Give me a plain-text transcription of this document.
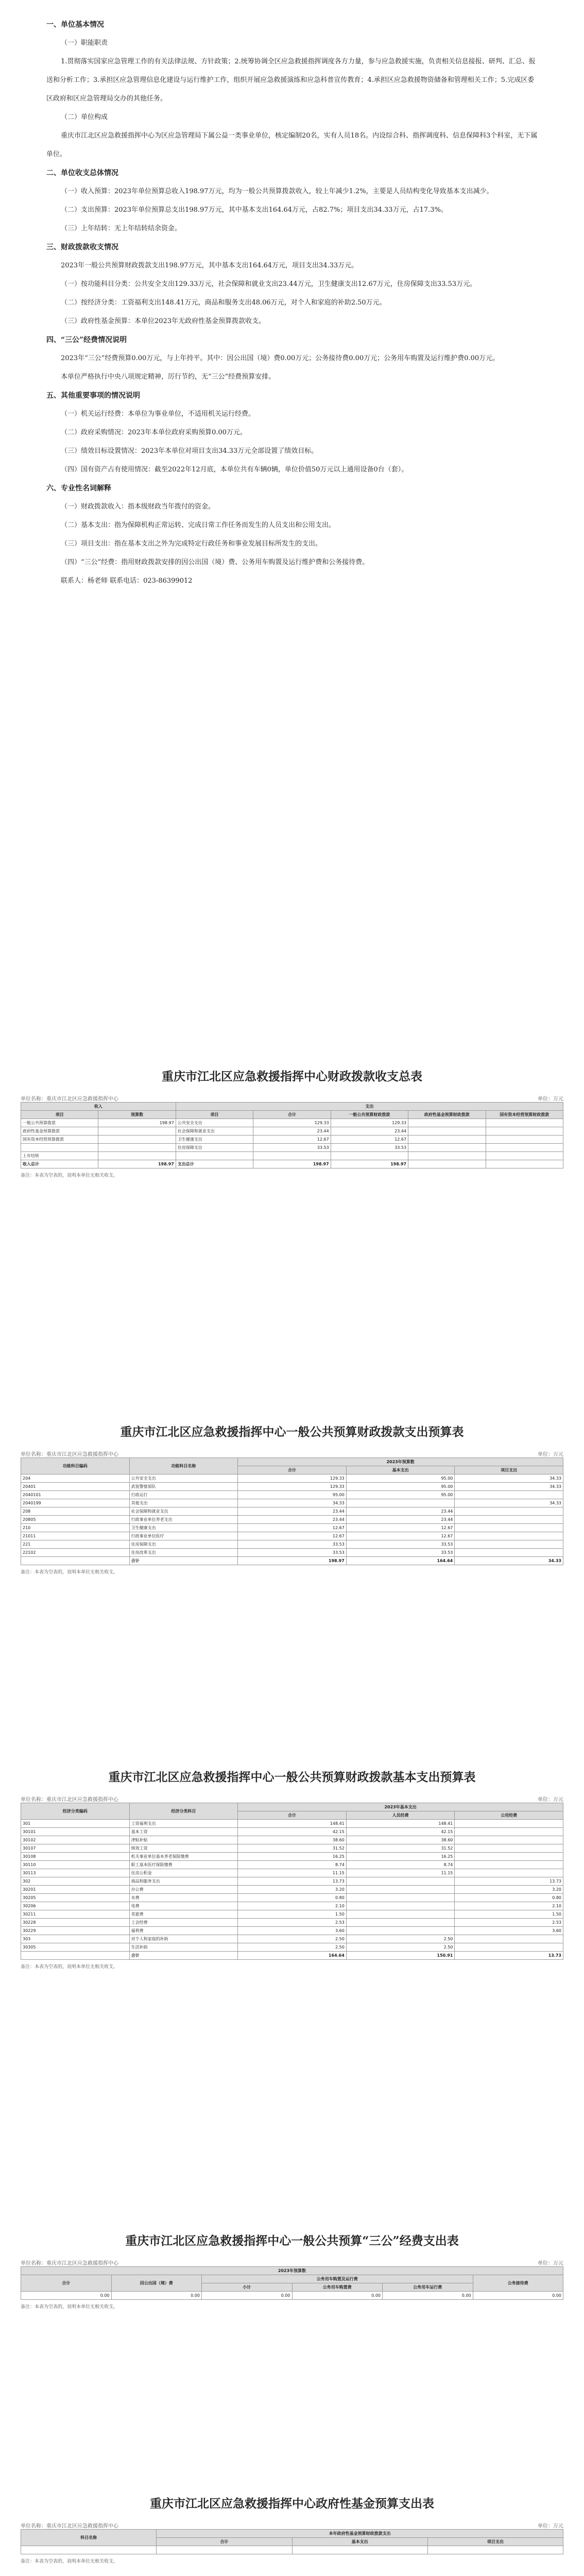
一、单位基本情况

（一）职能职责

1.贯彻落实国家应急管理工作的有关法律法规、方针政策；2.统筹协调全区应急救援指挥调度各方力量，参与应急救援实施，负责相关信息接报、研判、汇总、报送和分析工作；3.承担区应急管理信息化建设与运行维护工作，组织开展应急救援演练和应急科普宣传教育；4.承担区应急救援物资储备和管理相关工作；5.完成区委区政府和区应急管理局交办的其他任务。

（二）单位构成

重庆市江北区应急救援指挥中心为区应急管理局下属公益一类事业单位，核定编制20名，实有人员18名。内设综合科、指挥调度科、信息保障科3个科室，无下属单位。

二、单位收支总体情况

（一）收入预算：2023年单位预算总收入198.97万元，均为一般公共预算拨款收入，较上年减少1.2%，主要是人员结构变化导致基本支出减少。

（二）支出预算：2023年单位预算总支出198.97万元，其中基本支出164.64万元，占82.7%；项目支出34.33万元，占17.3%。

（三）上年结转：无上年结转结余资金。

三、财政拨款收支情况

2023年一般公共预算财政拨款支出198.97万元，其中基本支出164.64万元，项目支出34.33万元。

（一）按功能科目分类：公共安全支出129.33万元，社会保障和就业支出23.44万元，卫生健康支出12.67万元，住房保障支出33.53万元。

（二）按经济分类：工资福利支出148.41万元，商品和服务支出48.06万元，对个人和家庭的补助2.50万元。

（三）政府性基金预算：本单位2023年无政府性基金预算拨款收支。

四、“三公”经费情况说明

2023年“三公”经费预算0.00万元，与上年持平。其中：因公出国（境）费0.00万元；公务接待费0.00万元；公务用车购置及运行维护费0.00万元。

本单位严格执行中央八项规定精神，厉行节约，无“三公”经费预算安排。

五、其他重要事项的情况说明

（一）机关运行经费：本单位为事业单位，不适用机关运行经费。

（二）政府采购情况：2023年本单位政府采购预算0.00万元。

（三）绩效目标设置情况：2023年本单位对项目支出34.33万元全部设置了绩效目标。

（四）国有资产占有使用情况：截至2022年12月底，本单位共有车辆0辆，单位价值50万元以上通用设备0台（套）。

六、专业性名词解释

（一）财政拨款收入：指本级财政当年拨付的资金。

（二）基本支出：指为保障机构正常运转、完成日常工作任务而发生的人员支出和公用支出。

（三）项目支出：指在基本支出之外为完成特定行政任务和事业发展目标所发生的支出。

（四）“三公”经费：指用财政拨款安排的因公出国（境）费、公务用车购置及运行维护费和公务接待费。

联系人：杨老师 联系电话：023-86399012

重庆市江北区应急救援指挥中心财政拨款收支总表
单位名称：重庆市江北区应急救援指挥中心	单位：万元
收入		支出				
项目	预算数	项目	合计	一般公共预算财政拨款	政府性基金预算财政拨款	国有资本经营预算财政拨款
一般公共预算拨款	198.97	公共安全支出	129.33	129.33		
政府性基金预算拨款		社会保障和就业支出	23.44	23.44		
国有资本经营预算拨款		卫生健康支出	12.67	12.67		
		住房保障支出	33.53	33.53		
上年结转						
收入总计	198.97	支出总计	198.97	198.97		
备注：本表为空表的，说明本单位无相关收支。
重庆市江北区应急救援指挥中心一般公共预算财政拨款支出预算表
单位名称：重庆市江北区应急救援指挥中心	单位：万元
功能科目编码	功能科目名称	2023年预算数		
		合计	基本支出	项目支出
204	公共安全支出	129.33	95.00	34.33
20401	武装警察部队	129.33	95.00	34.33
2040101	行政运行	95.00	95.00	
2040199	其他支出	34.33		34.33
208	社会保障和就业支出	23.44	23.44	
20805	行政事业单位养老支出	23.44	23.44	
210	卫生健康支出	12.67	12.67	
21011	行政事业单位医疗	12.67	12.67	
221	住房保障支出	33.53	33.53	
22102	住房改革支出	33.53	33.53	
	合计	198.97	164.64	34.33
备注：本表为空表的，说明本单位无相关收支。
重庆市江北区应急救援指挥中心一般公共预算财政拨款基本支出预算表
单位名称：重庆市江北区应急救援指挥中心	单位：万元
经济分类编码	经济分类科目	2023年基本支出		
		合计	人员经费	公用经费
301	工资福利支出	148.41	148.41	
30101	基本工资	42.15	42.15	
30102	津贴补贴	38.60	38.60	
30107	绩效工资	31.52	31.52	
30108	机关事业单位基本养老保险缴费	16.25	16.25	
30110	职工基本医疗保险缴费	8.74	8.74	
30113	住房公积金	11.15	11.15	
302	商品和服务支出	13.73		13.73
30201	办公费	3.20		3.20
30205	水费	0.80		0.80
30206	电费	2.10		2.10
30211	差旅费	1.50		1.50
30228	工会经费	2.53		2.53
30229	福利费	3.60		3.60
303	对个人和家庭的补助	2.50	2.50	
30305	生活补助	2.50	2.50	
	合计	164.64	150.91	13.73
备注：本表为空表的，说明本单位无相关收支。
重庆市江北区应急救援指挥中心一般公共预算“三公”经费支出表
单位名称：重庆市江北区应急救援指挥中心	单位：万元
2023年预算数					
合计	因公出国（境）费	公务用车购置及运行费			公务接待费
		小计	公务用车购置费	公务用车运行费	
0.00	0.00	0.00	0.00	0.00	0.00
备注：本表为空表的，说明本单位无相关收支。
重庆市江北区应急救援指挥中心政府性基金预算支出表
单位名称：重庆市江北区应急救援指挥中心	单位：万元
科目名称	本年政府性基金预算财政拨款支出		
	合计	基本支出	项目支出

备注：本表为空表的，说明本单位无相关收支。
